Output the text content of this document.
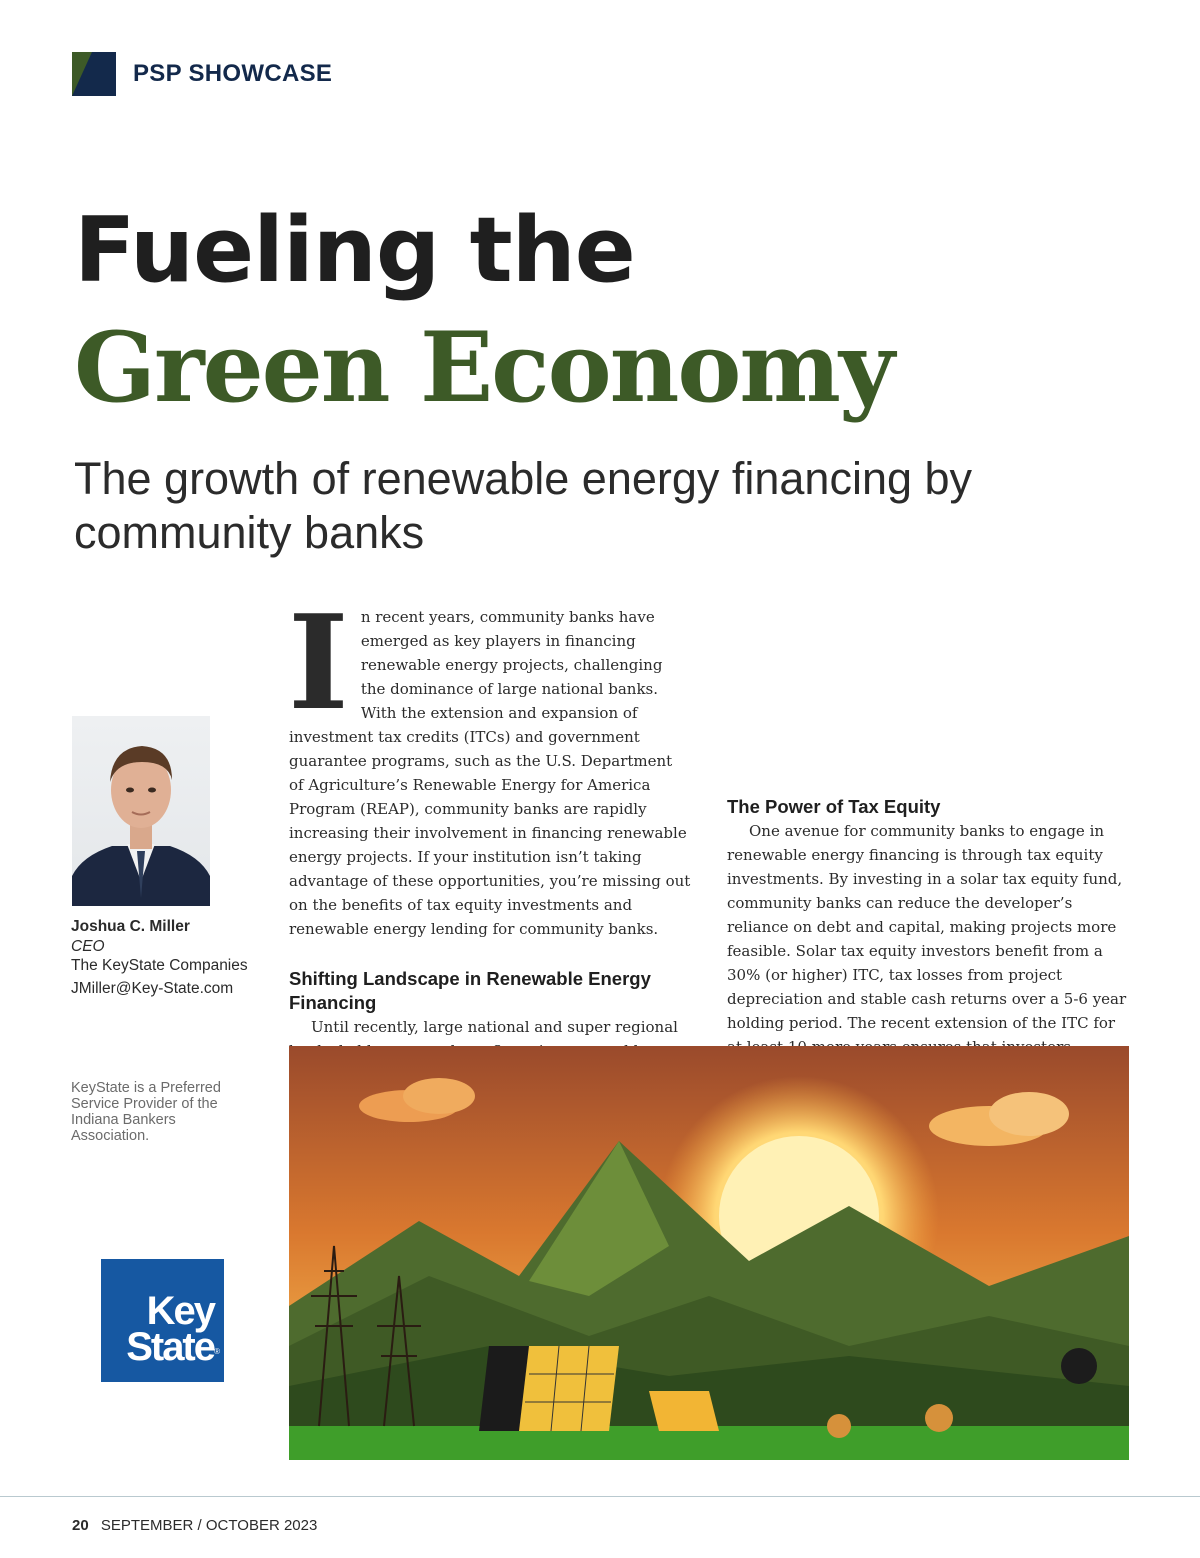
PSP SHOWCASE
Fueling the
Green Economy
The growth of renewable energy financing by community banks
Joshua C. Miller
CEO
The KeyState Companies
JMiller@Key-State.com
KeyState is a Preferred Service Provider of the Indiana Bankers Association.
Key
State ®

In recent years, community banks have emerged as key players in financing renewable energy projects, challenging the dominance of large national banks. With the extension and expansion of investment tax credits (ITCs) and government guarantee programs, such as the U.S. Department of Agriculture’s Renewable Energy for America Program (REAP), community banks are rapidly increasing their involvement in financing renewable energy projects. If your institution isn’t taking advantage of these opportunities, you’re missing out on the benefits of tax equity investments and renewable energy lending for community banks.

Shifting Landscape in Renewable Energy Financing

Until recently, large national and super regional

The Power of Tax Equity

One avenue for community banks to engage in renewable energy financing is through tax equity investments. By investing in a solar tax equity fund, community banks can reduce the developer’s reliance on debt and capital, making projects more feasible. Solar tax equity investors benefit from a 30% (or higher) ITC, tax losses from project depreciation and stable cash returns over a 5-6 year holding period. The recent extension of the ITC for

20 SEPTEMBER / OCTOBER 2023
